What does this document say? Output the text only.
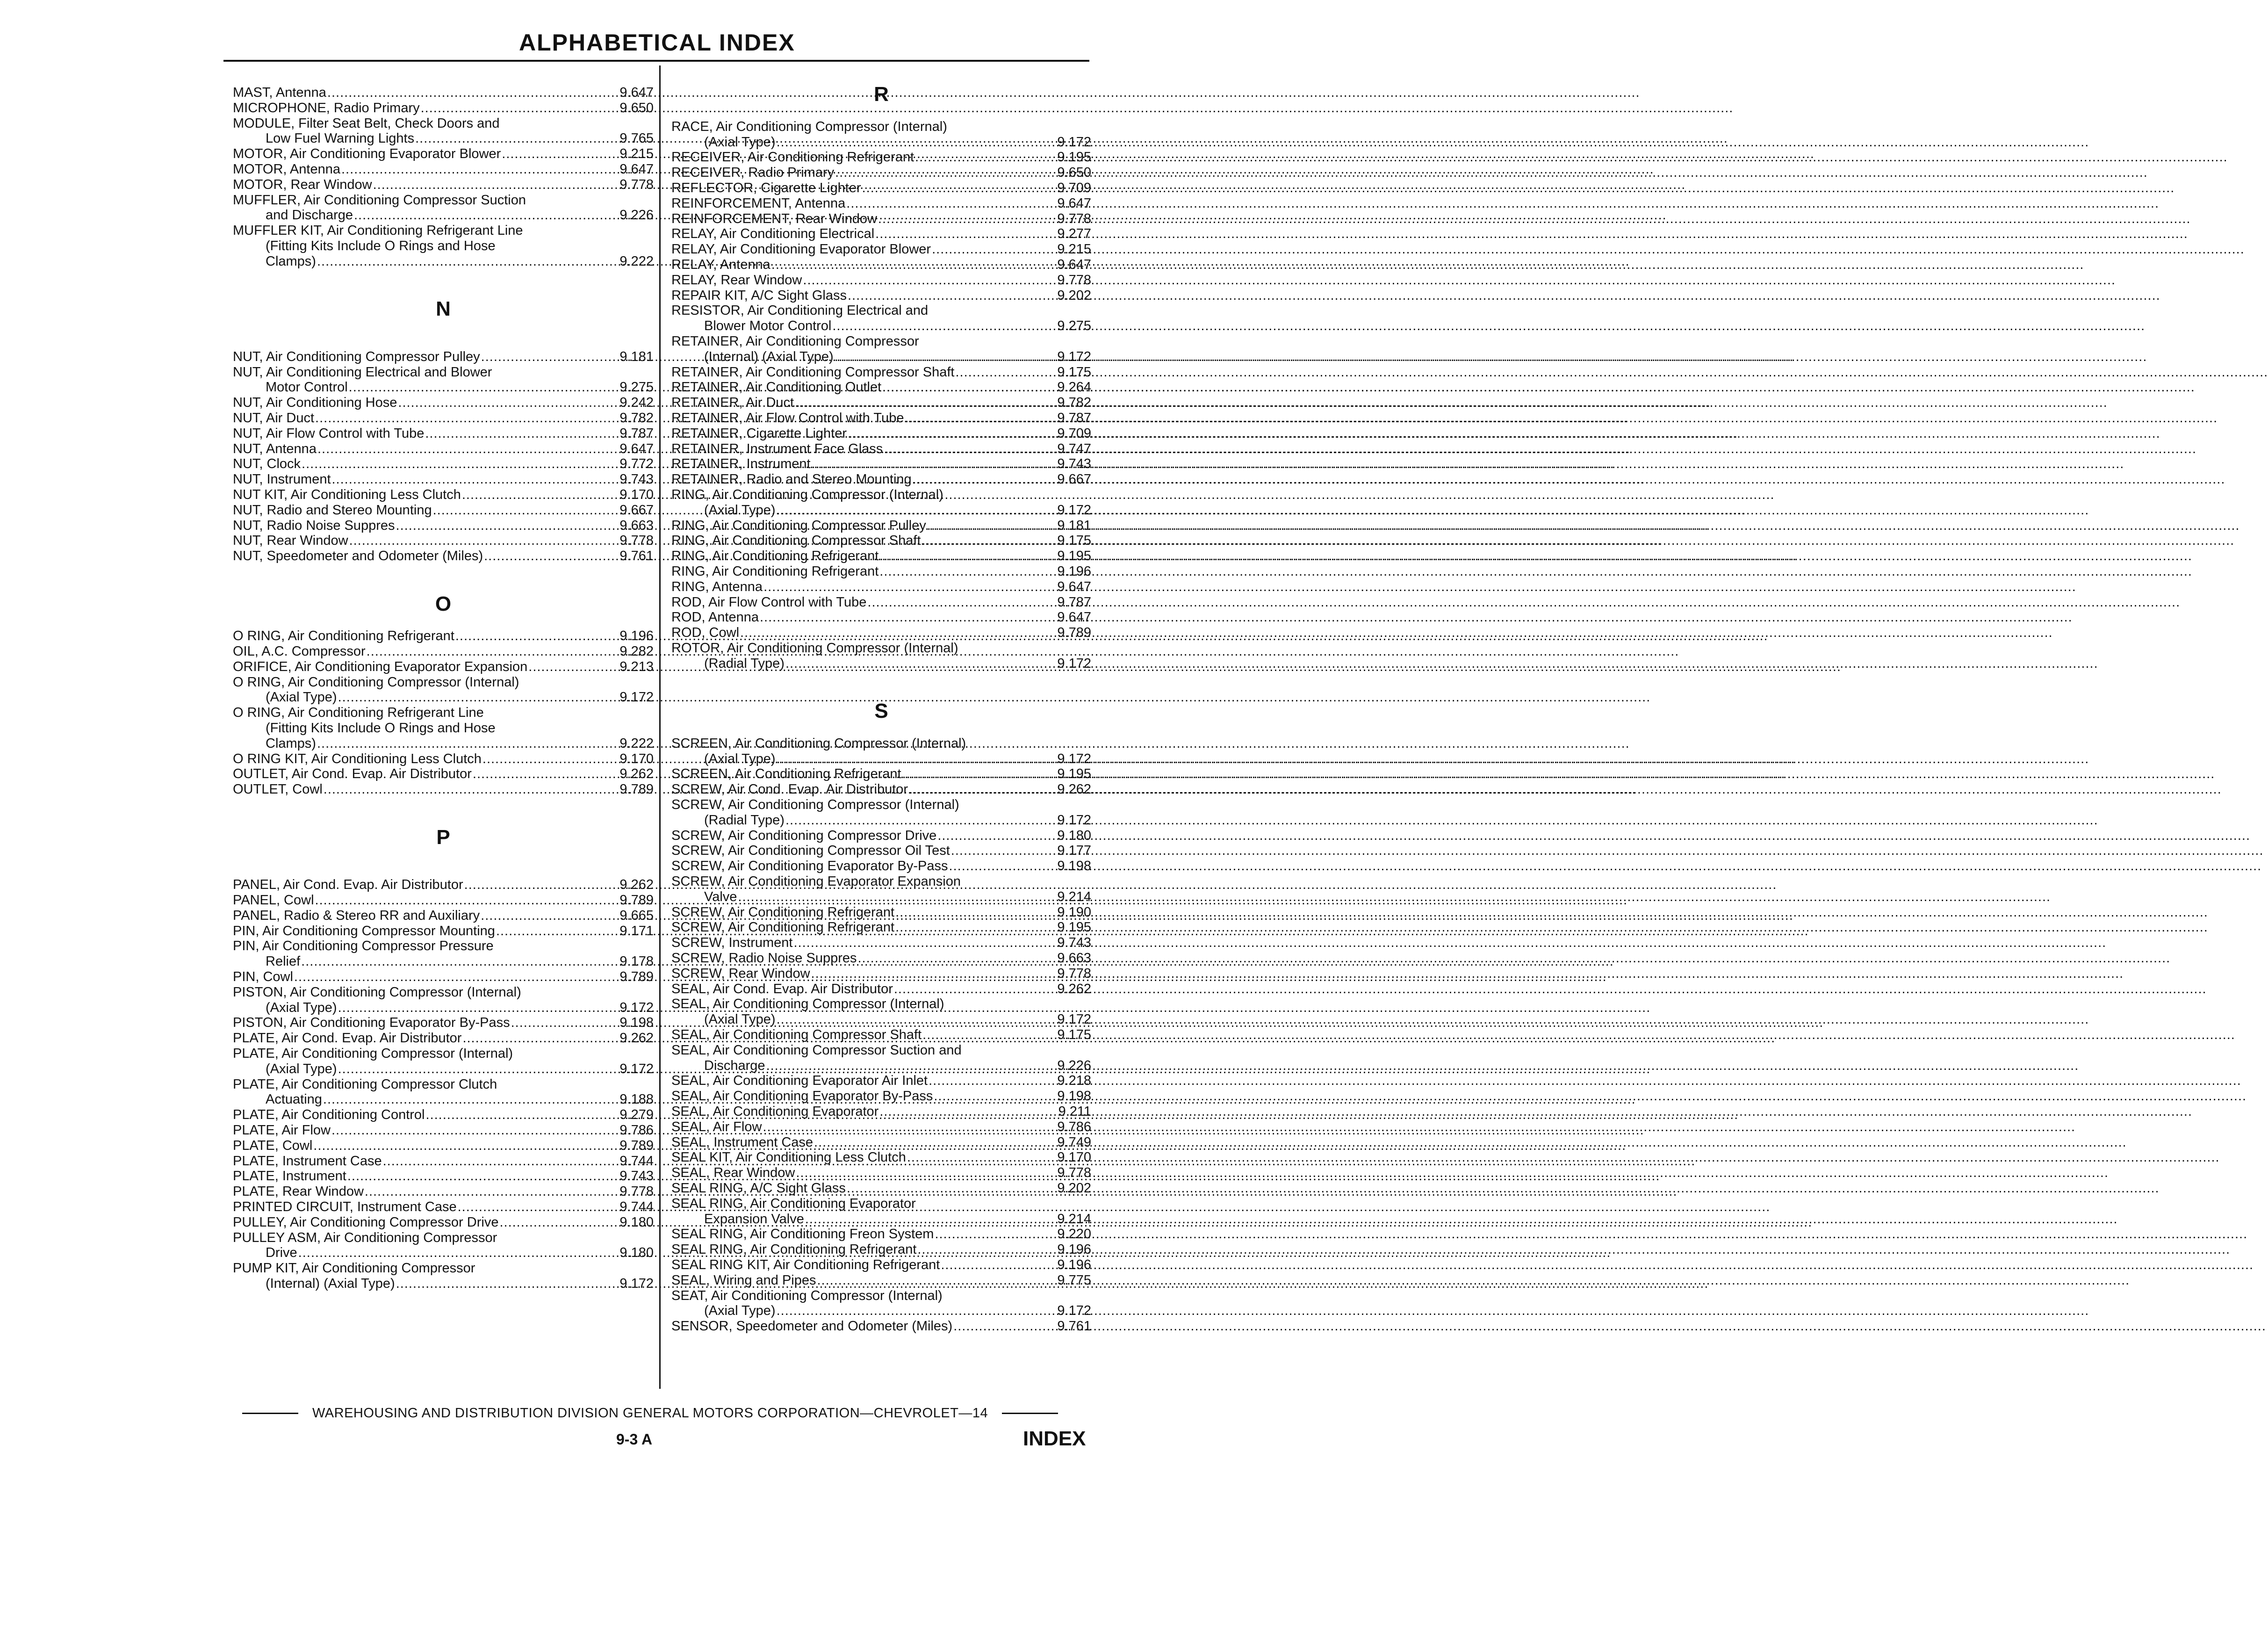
ALPHABETICAL INDEX
MAST, Antenna .....	9.647
MICROPHONE, Radio Primary .....	9.650
MODULE, Filter Seat Belt, Check Doors and
Low Fuel Warning Lights .....	9.765
MOTOR, Air Conditioning Evaporator Blower .....	9.215
MOTOR, Antenna .....	9.647
MOTOR, Rear Window .....	9.778
MUFFLER, Air Conditioning Compressor Suction
and Discharge .....	9.226
MUFFLER KIT, Air Conditioning Refrigerant Line
(Fitting Kits Include O Rings and Hose
Clamps) .....	9.222
N
NUT, Air Conditioning Compressor Pulley .....	9.181
NUT, Air Conditioning Electrical and Blower
Motor Control .....	9.275
NUT, Air Conditioning Hose .....	9.242
NUT, Air Duct .....	9.782
NUT, Air Flow Control with Tube .....	9.787
NUT, Antenna .....	9.647
NUT, Clock .....	9.772
NUT, Instrument .....	9.743
NUT KIT, Air Conditioning Less Clutch .....	9.170
NUT, Radio and Stereo Mounting .....	9.667
NUT, Radio Noise Suppres .....	9.663
NUT, Rear Window .....	9.778
NUT, Speedometer and Odometer (Miles) .....	9.761
O
O RING, Air Conditioning Refrigerant .....	9.196
OIL, A.C. Compressor .....	9.282
ORIFICE, Air Conditioning Evaporator Expansion .....	9.213
O RING, Air Conditioning Compressor (Internal)
(Axial Type) .....	9.172
O RING, Air Conditioning Refrigerant Line
(Fitting Kits Include O Rings and Hose
Clamps) .....	9.222
O RING KIT, Air Conditioning Less Clutch .....	9.170
OUTLET, Air Cond. Evap. Air Distributor .....	9.262
OUTLET, Cowl .....	9.789
P
PANEL, Air Cond. Evap. Air Distributor .....	9.262
PANEL, Cowl .....	9.789
PANEL, Radio & Stereo RR and Auxiliary .....	9.665
PIN, Air Conditioning Compressor Mounting .....	9.171
PIN, Air Conditioning Compressor Pressure
Relief .....	9.178
PIN, Cowl .....	9.789
PISTON, Air Conditioning Compressor (Internal)
(Axial Type) .....	9.172
PISTON, Air Conditioning Evaporator By-Pass .....	9.198
PLATE, Air Cond. Evap. Air Distributor .....	9.262
PLATE, Air Conditioning Compressor (Internal)
(Axial Type) .....	9.172
PLATE, Air Conditioning Compressor Clutch
Actuating .....	9.188
PLATE, Air Conditioning Control .....	9.279
PLATE, Air Flow .....	9.786
PLATE, Cowl .....	9.789
PLATE, Instrument Case .....	9.744
PLATE, Instrument .....	9.743
PLATE, Rear Window .....	9.778
PRINTED CIRCUIT, Instrument Case .....	9.744
PULLEY, Air Conditioning Compressor Drive .....	9.180
PULLEY ASM, Air Conditioning Compressor
Drive .....	9.180
PUMP KIT, Air Conditioning Compressor
(Internal) (Axial Type) .....	9.172
R
RACE, Air Conditioning Compressor (Internal)
(Axial Type) .....	9.172
RECEIVER, Air Conditioning Refrigerant .....	9.195
RECEIVER, Radio Primary .....	9.650
REFLECTOR, Cigarette Lighter .....	9.709
REINFORCEMENT, Antenna .....	9.647
REINFORCEMENT, Rear Window .....	9.778
RELAY, Air Conditioning Electrical .....	9.277
RELAY, Air Conditioning Evaporator Blower .....	9.215
RELAY, Antenna .....	9.647
RELAY, Rear Window .....	9.778
REPAIR KIT, A/C Sight Glass .....	9.202
RESISTOR, Air Conditioning Electrical and
Blower Motor Control .....	9.275
RETAINER, Air Conditioning Compressor
(Internal) (Axial Type) .....	9.172
RETAINER, Air Conditioning Compressor Shaft .....	9.175
RETAINER, Air Conditioning Outlet .....	9.264
RETAINER, Air Duct .....	9.782
RETAINER, Air Flow Control with Tube .....	9.787
RETAINER, Cigarette Lighter .....	9.709
RETAINER, Instrument Face Glass .....	9.747
RETAINER, Instrument .....	9.743
RETAINER, Radio and Stereo Mounting .....	9.667
RING, Air Conditioning Compressor (Internal)
(Axial Type) .....	9.172
RING, Air Conditioning Compressor Pulley .....	9.181
RING, Air Conditioning Compressor Shaft .....	9.175
RING, Air Conditioning Refrigerant .....	9.195
RING, Air Conditioning Refrigerant .....	9.196
RING, Antenna .....	9.647
ROD, Air Flow Control with Tube .....	9.787
ROD, Antenna .....	9.647
ROD, Cowl .....	9.789
ROTOR, Air Conditioning Compressor (Internal)
(Radial Type) .....	9.172
S
SCREEN, Air Conditioning Compressor (Internal)
(Axial Type) .....	9.172
SCREEN, Air Conditioning Refrigerant .....	9.195
SCREW, Air Cond. Evap. Air Distributor .....	9.262
SCREW, Air Conditioning Compressor (Internal)
(Radial Type) .....	9.172
SCREW, Air Conditioning Compressor Drive .....	9.180
SCREW, Air Conditioning Compressor Oil Test .....	9.177
SCREW, Air Conditioning Evaporator By-Pass .....	9.198
SCREW, Air Conditioning Evaporator Expansion
Valve .....	9.214
SCREW, Air Conditioning Refrigerant .....	9.190
SCREW, Air Conditioning Refrigerant .....	9.195
SCREW, Instrument .....	9.743
SCREW, Radio Noise Suppres .....	9.663
SCREW, Rear Window .....	9.778
SEAL, Air Cond. Evap. Air Distributor .....	9.262
SEAL, Air Conditioning Compressor (Internal)
(Axial Type) .....	9.172
SEAL, Air Conditioning Compressor Shaft .....	9.175
SEAL, Air Conditioning Compressor Suction and
Discharge .....	9.226
SEAL, Air Conditioning Evaporator Air Inlet .....	9.218
SEAL, Air Conditioning Evaporator By-Pass .....	9.198
SEAL, Air Conditioning Evaporator .....	9.211
SEAL, Air Flow .....	9.786
SEAL, Instrument Case .....	9.749
SEAL KIT, Air Conditioning Less Clutch .....	9.170
SEAL, Rear Window .....	9.778
SEAL RING, A/C Sight Glass .....	9.202
SEAL RING, Air Conditioning Evaporator
Expansion Valve .....	9.214
SEAL RING, Air Conditioning Freon System .....	9.220
SEAL RING, Air Conditioning Refrigerant .....	9.196
SEAL RING KIT, Air Conditioning Refrigerant .....	9.196
SEAL, Wiring and Pipes .....	9.775
SEAT, Air Conditioning Compressor (Internal)
(Axial Type) .....	9.172
SENSOR, Speedometer and Odometer (Miles) .....	9.761
WAREHOUSING AND DISTRIBUTION DIVISION GENERAL MOTORS CORPORATION—CHEVROLET—14
9-3 A	INDEX
